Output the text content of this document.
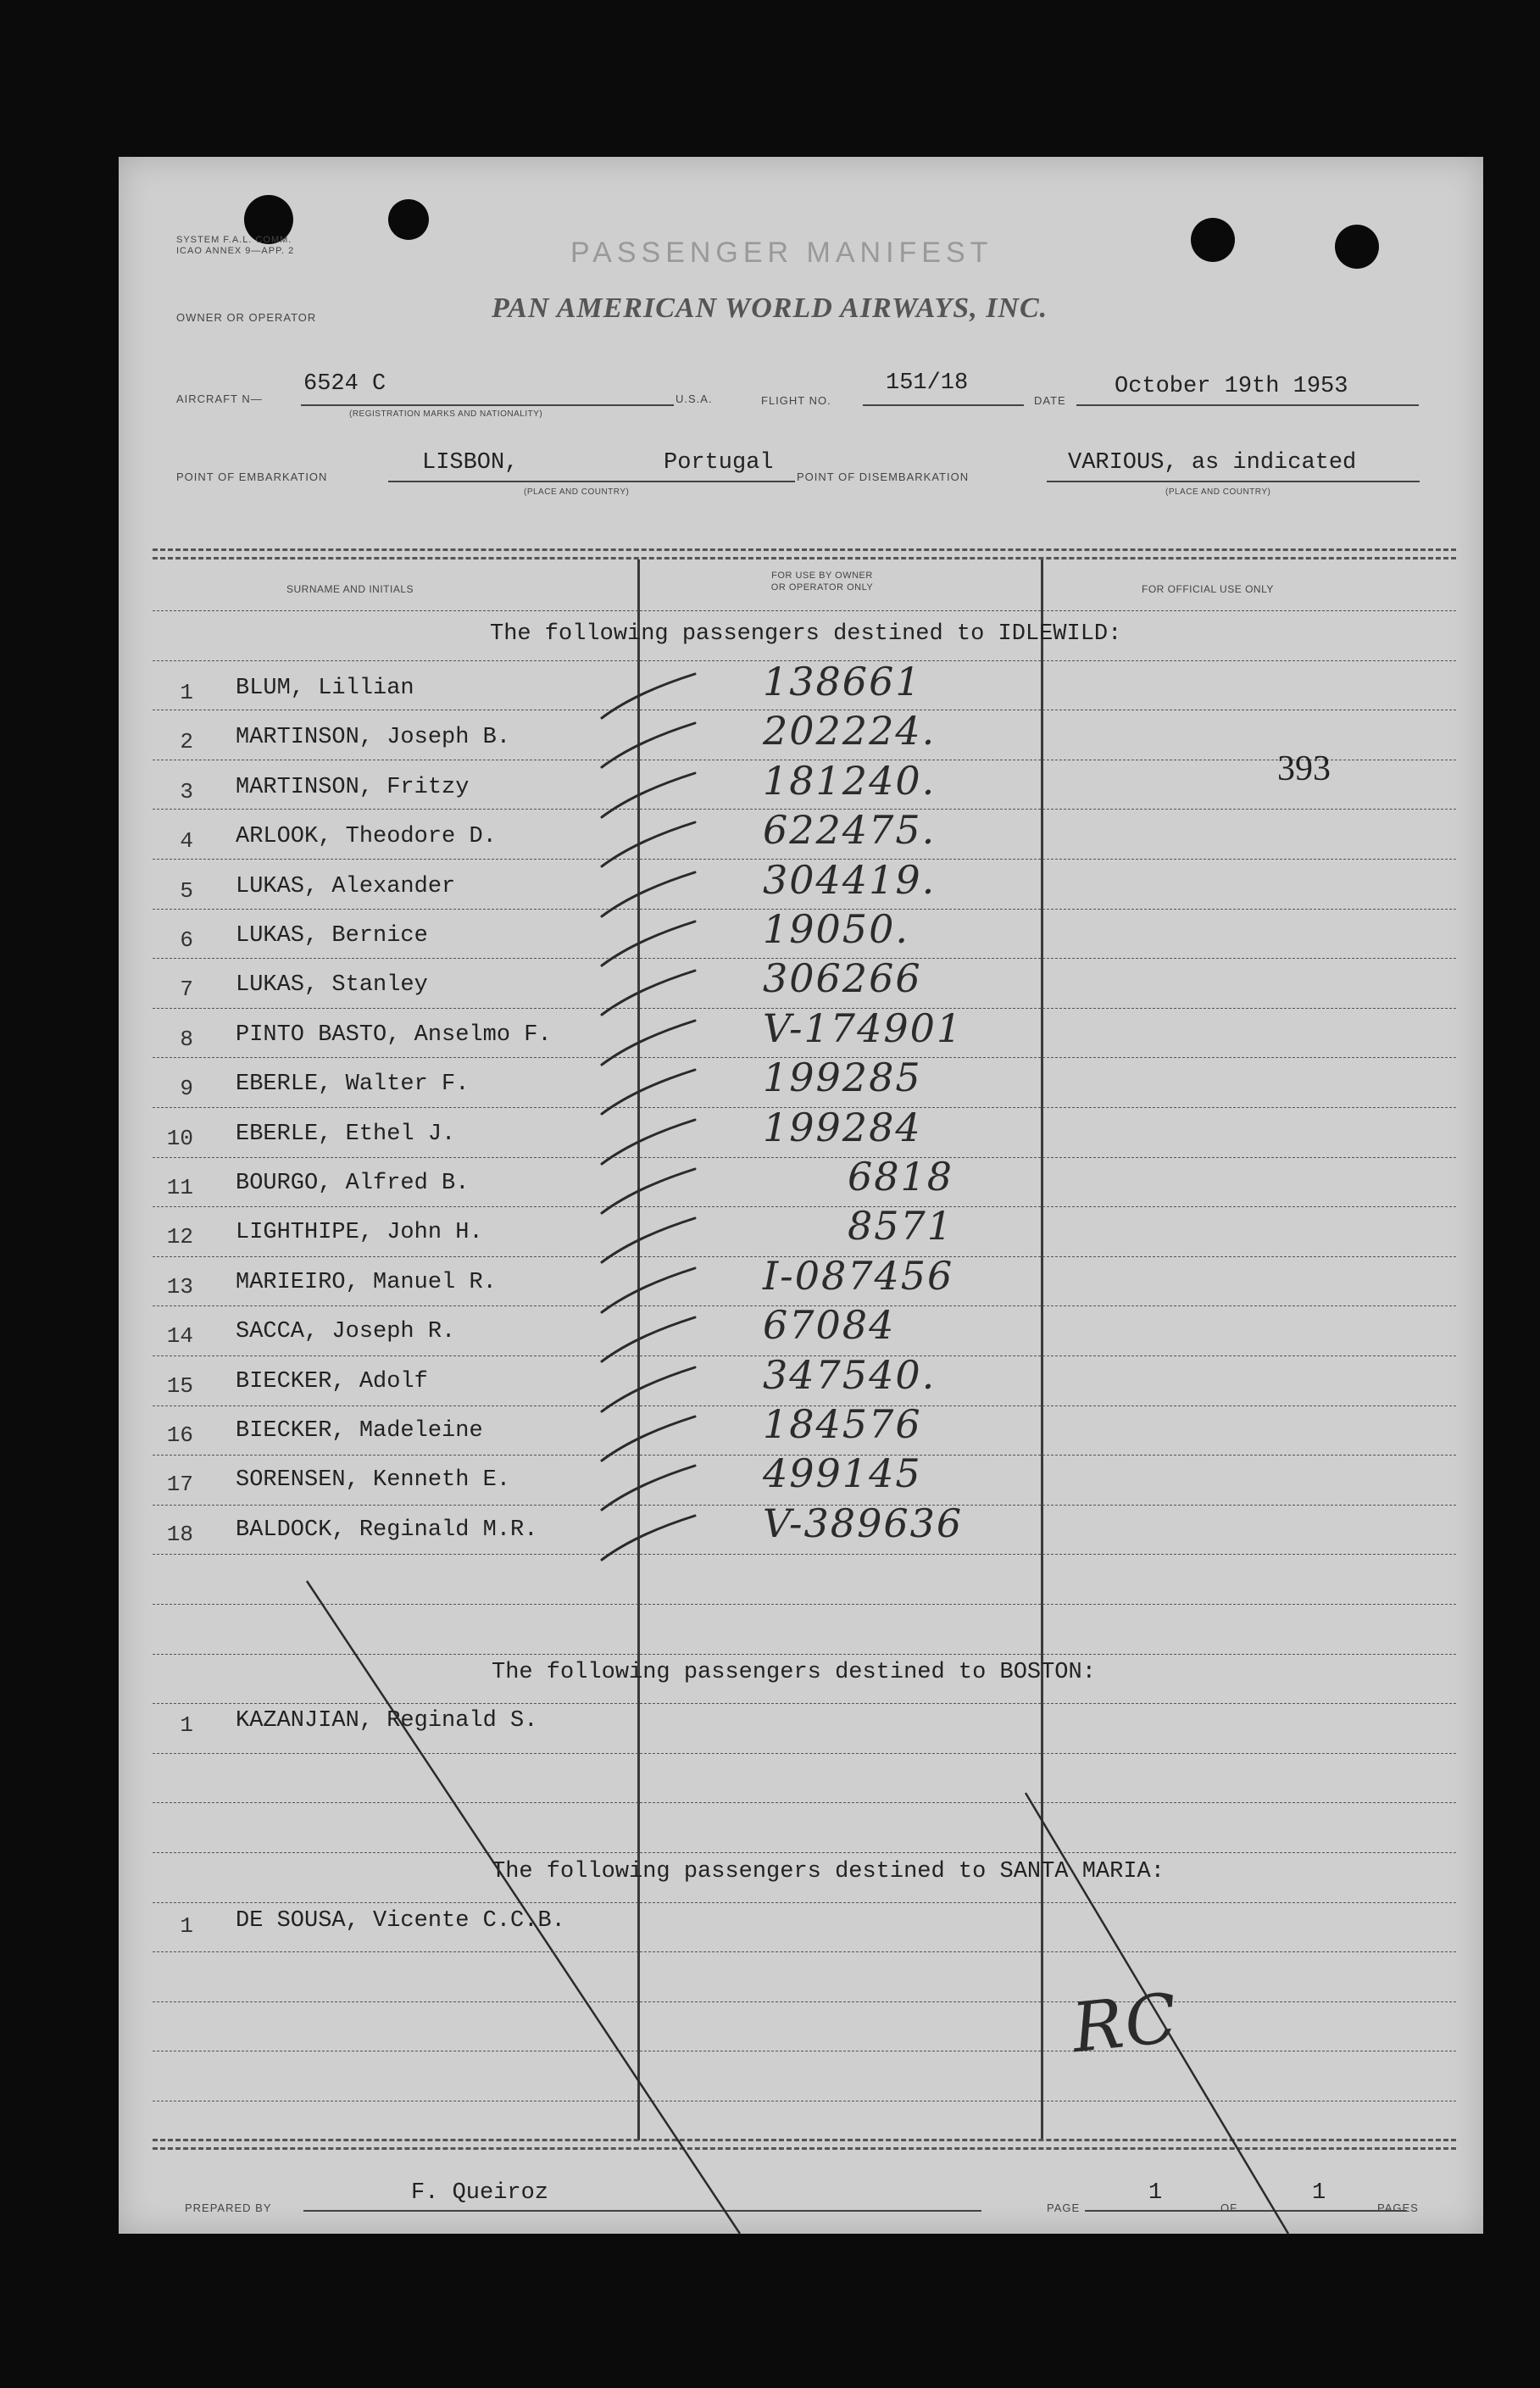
SYSTEM F.A.L. COMM.
ICAO ANNEX 9—APP. 2	PASSENGER MANIFEST
OWNER OR OPERATOR	PAN AMERICAN WORLD AIRWAYS, INC.
AIRCRAFT N—
6524 C
(REGISTRATION MARKS AND NATIONALITY)
U.S.A.	FLIGHT NO.
151/18
DATE
October 19th 1953
POINT OF EMBARKATION
LISBON,	Portugal
(PLACE AND COUNTRY)
POINT OF DISEMBARKATION
VARIOUS, as indicated
(PLACE AND COUNTRY)
SURNAME AND INITIALS
FOR USE BY OWNER
OR OPERATOR ONLY	FOR OFFICIAL USE ONLY
The following passengers destined to IDLEWILD:
The following passengers destined to BOSTON:
The following passengers destined to SANTA MARIA:
1 BLUM, Lillian	138661
2 MARTINSON, Joseph B.	202224.
3 MARTINSON, Fritzy	181240.
4 ARLOOK, Theodore D.	622475.
5 LUKAS, Alexander	304419.
6 LUKAS, Bernice	19050.
7 LUKAS, Stanley	306266
8 PINTO BASTO, Anselmo F.	V-174901
9 EBERLE, Walter F.	199285
10 EBERLE, Ethel J.	199284
11 BOURGO, Alfred B.	6818
12 LIGHTHIPE, John H.	8571
13 MARIEIRO, Manuel R.	I-087456
14 SACCA, Joseph R.	67084
15 BIECKER, Adolf	347540.
16 BIECKER, Madeleine	184576
17 SORENSEN, Kenneth E.	499145
18 BALDOCK, Reginald M.R.	V-389636
1 KAZANJIAN, Reginald S.
1 DE SOUSA, Vicente C.C.B.
393
PREPARED BY
F. Queiroz
PAGE
1
OF
1
PAGES
RC
